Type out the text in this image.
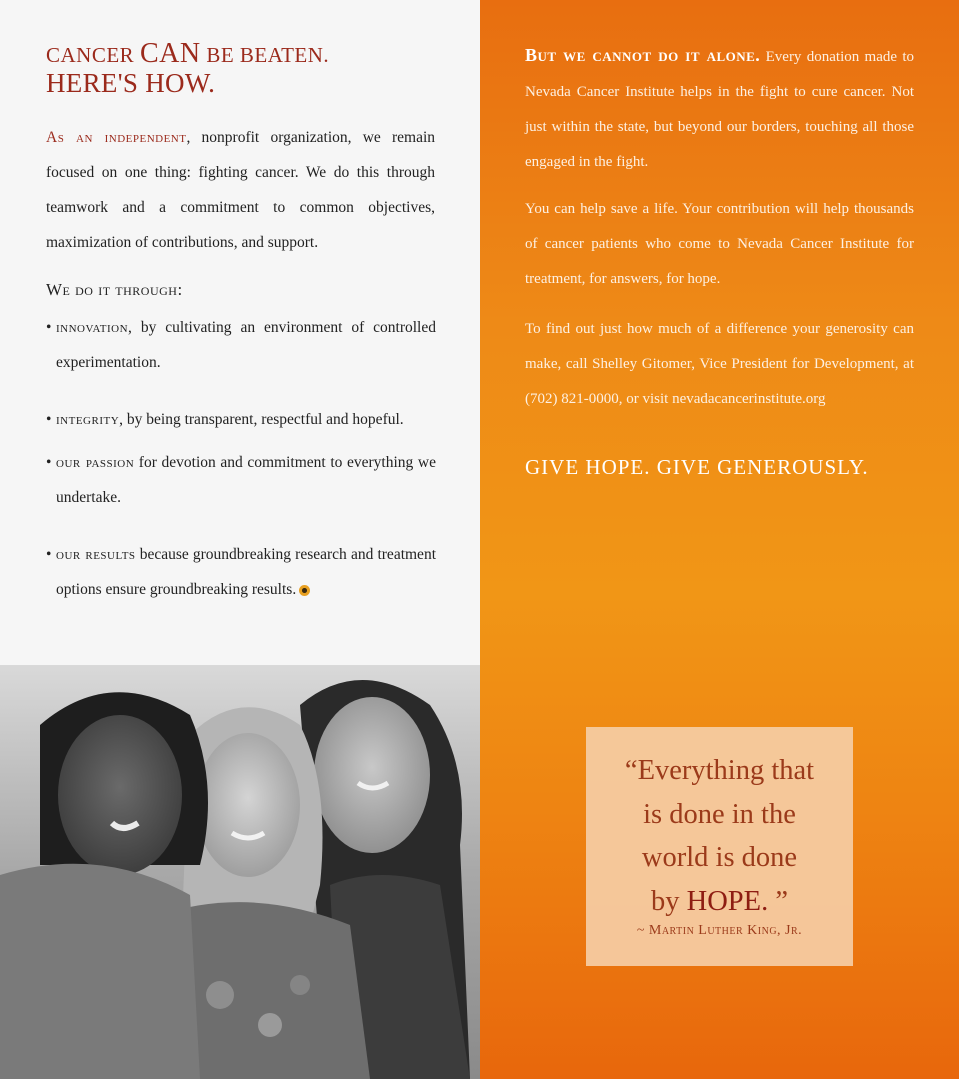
CANCER CAN BE BEATEN.
HERE'S HOW.

As an independent, nonprofit organization, we remain focused on one thing: fighting cancer. We do this through teamwork and a commitment to common objectives, maximization of contributions, and support.

We do it through:

• innovation, by cultivating an environment of controlled experimentation.

• integrity, by being transparent, respectful and hopeful.

• our passion for devotion and commitment to everything we undertake.

• our results because groundbreaking research and treatment options ensure groundbreaking results.

But we cannot do it alone. Every donation made to Nevada Cancer Institute helps in the fight to cure cancer. Not just within the state, but beyond our borders, touching all those engaged in the fight.

You can help save a life. Your contribution will help thousands of cancer patients who come to Nevada Cancer Institute for treatment, for answers, for hope.

To find out just how much of a difference your generosity can make, call Shelley Gitomer, Vice President for Development, at (702) 821-0000, or visit nevadacancerinstitute.org

GIVE HOPE. GIVE GENEROUSLY.

“Everything that
is done in the
world is done
by HOPE. ”

~ Martin Luther King, Jr.
